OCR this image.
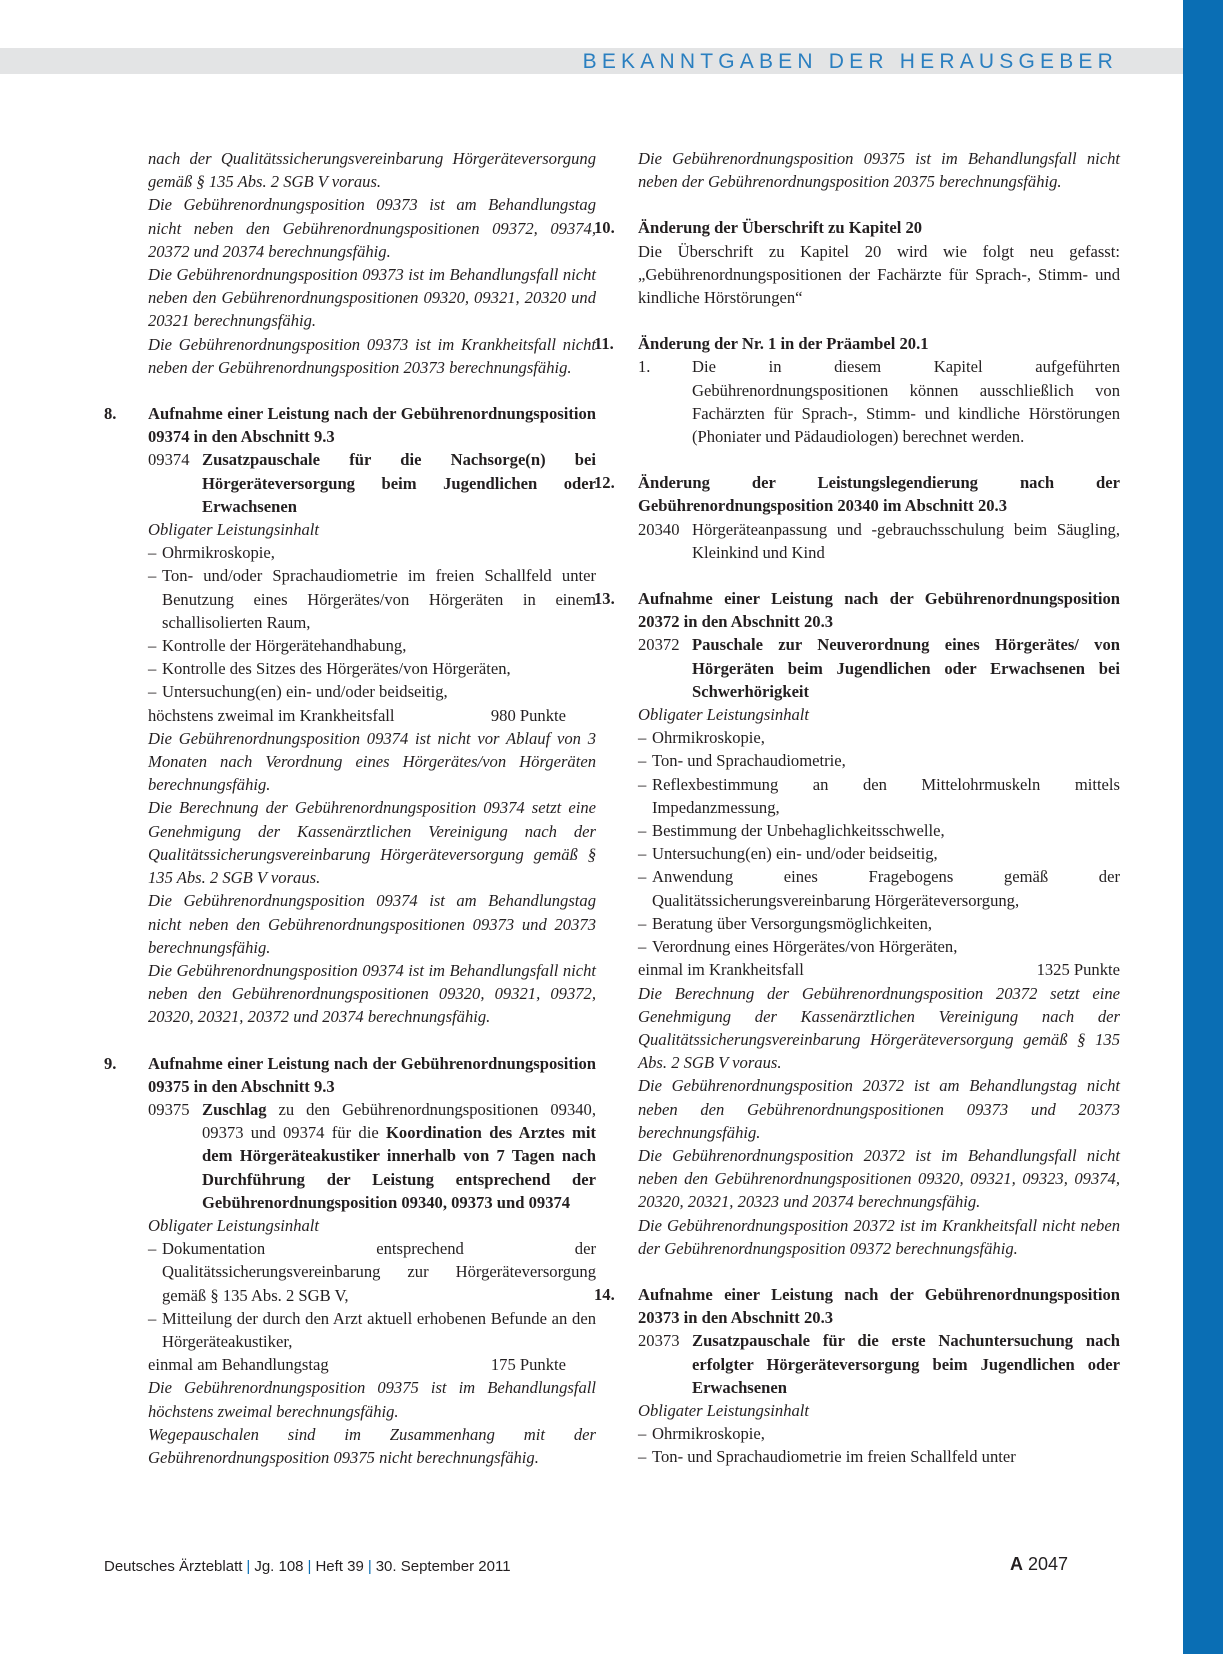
BEKANNTGABEN DER HERAUSGEBER
nach der Qualitätssicherungsvereinbarung Hörgeräteversorgung gemäß § 135 Abs. 2 SGB V voraus.
Die Gebührenordnungsposition 09373 ist am Behandlungstag nicht neben den Gebührenordnungspositionen 09372, 09374, 20372 und 20374 berechnungsfähig.
Die Gebührenordnungsposition 09373 ist im Behandlungsfall nicht neben den Gebührenordnungspositionen 09320, 09321, 20320 und 20321 berechnungsfähig.
Die Gebührenordnungsposition 09373 ist im Krankheitsfall nicht neben der Gebührenordnungsposition 20373 berechnungsfähig.
8.	Aufnahme einer Leistung nach der Gebührenordnungsposition 09374 in den Abschnitt 9.3
09374 Zusatzpauschale für die Nachsorge(n) bei Hörgeräteversorgung beim Jugendlichen oder Erwachsenen
Obligater Leistungsinhalt
– Ohrmikroskopie,
– Ton- und/oder Sprachaudiometrie im freien Schallfeld unter Benutzung eines Hörgerätes/von Hörgeräten in einem schallisolierten Raum,
– Kontrolle der Hörgerätehandhabung,
– Kontrolle des Sitzes des Hörgerätes/von Hörgeräten,
– Untersuchung(en) ein- und/oder beidseitig,
höchstens zweimal im Krankheitsfall	980 Punkte
Die Gebührenordnungsposition 09374 ist nicht vor Ablauf von 3 Monaten nach Verordnung eines Hörgerätes/von Hörgeräten berechnungsfähig.
Die Berechnung der Gebührenordnungsposition 09374 setzt eine Genehmigung der Kassenärztlichen Vereinigung nach der Qualitätssicherungsvereinbarung Hörgeräteversorgung gemäß § 135 Abs. 2 SGB V voraus.
Die Gebührenordnungsposition 09374 ist am Behandlungstag nicht neben den Gebührenordnungspositionen 09373 und 20373 berechnungsfähig.
Die Gebührenordnungsposition 09374 ist im Behandlungsfall nicht neben den Gebührenordnungspositionen 09320, 09321, 09372, 20320, 20321, 20372 und 20374 berechnungsfähig.
9.	Aufnahme einer Leistung nach der Gebührenordnungsposition 09375 in den Abschnitt 9.3
09375 Zuschlag zu den Gebührenordnungspositionen 09340, 09373 und 09374 für die Koordination des Arztes mit dem Hörgeräteakustiker innerhalb von 7 Tagen nach Durchführung der Leistung entsprechend der Gebührenordnungsposition 09340, 09373 und 09374
Obligater Leistungsinhalt
– Dokumentation entsprechend der Qualitätssicherungsvereinbarung zur Hörgeräteversorgung gemäß § 135 Abs. 2 SGB V,
– Mitteilung der durch den Arzt aktuell erhobenen Befunde an den Hörgeräteakustiker,
einmal am Behandlungstag	175 Punkte
Die Gebührenordnungsposition 09375 ist im Behandlungsfall höchstens zweimal berechnungsfähig.
Wegepauschalen sind im Zusammenhang mit der Gebührenordnungsposition 09375 nicht berechnungsfähig.
Die Gebührenordnungsposition 09375 ist im Behandlungsfall nicht neben der Gebührenordnungsposition 20375 berechnungsfähig.
10.	Änderung der Überschrift zu Kapitel 20
Die Überschrift zu Kapitel 20 wird wie folgt neu gefasst: „Gebührenordnungspositionen der Fachärzte für Sprach-, Stimm- und kindliche Hörstörungen“
11.	Änderung der Nr. 1 in der Präambel 20.1
1.	Die in diesem Kapitel aufgeführten Gebührenordnungspositionen können ausschließlich von Fachärzten für Sprach-, Stimm- und kindliche Hörstörungen (Phoniater und Pädaudiologen) berechnet werden.
12.	Änderung der Leistungslegendierung nach der Gebührenordnungsposition 20340 im Abschnitt 20.3
20340 Hörgeräteanpassung und -gebrauchsschulung beim Säugling, Kleinkind und Kind
13.	Aufnahme einer Leistung nach der Gebührenordnungsposition 20372 in den Abschnitt 20.3
20372 Pauschale zur Neuverordnung eines Hörgerätes/ von Hörgeräten beim Jugendlichen oder Erwachsenen bei Schwerhörigkeit
Obligater Leistungsinhalt
– Ohrmikroskopie,
– Ton- und Sprachaudiometrie,
– Reflexbestimmung an den Mittelohrmuskeln mittels Impedanzmessung,
– Bestimmung der Unbehaglichkeitsschwelle,
– Untersuchung(en) ein- und/oder beidseitig,
– Anwendung eines Fragebogens gemäß der Qualitätssicherungsvereinbarung Hörgeräteversorgung,
– Beratung über Versorgungsmöglichkeiten,
– Verordnung eines Hörgerätes/von Hörgeräten,
einmal im Krankheitsfall	1325 Punkte
Die Berechnung der Gebührenordnungsposition 20372 setzt eine Genehmigung der Kassenärztlichen Vereinigung nach der Qualitätssicherungsvereinbarung Hörgeräteversorgung gemäß § 135 Abs. 2 SGB V voraus.
Die Gebührenordnungsposition 20372 ist am Behandlungstag nicht neben den Gebührenordnungspositionen 09373 und 20373 berechnungsfähig.
Die Gebührenordnungsposition 20372 ist im Behandlungsfall nicht neben den Gebührenordnungspositionen 09320, 09321, 09323, 09374, 20320, 20321, 20323 und 20374 berechnungsfähig.
Die Gebührenordnungsposition 20372 ist im Krankheitsfall nicht neben der Gebührenordnungsposition 09372 berechnungsfähig.
14.	Aufnahme einer Leistung nach der Gebührenordnungsposition 20373 in den Abschnitt 20.3
20373 Zusatzpauschale für die erste Nachuntersuchung nach erfolgter Hörgeräteversorgung beim Jugendlichen oder Erwachsenen
Obligater Leistungsinhalt
– Ohrmikroskopie,
– Ton- und Sprachaudiometrie im freien Schallfeld unter
Deutsches Ärzteblatt | Jg. 108 | Heft 39 | 30. September 2011	A 2047
